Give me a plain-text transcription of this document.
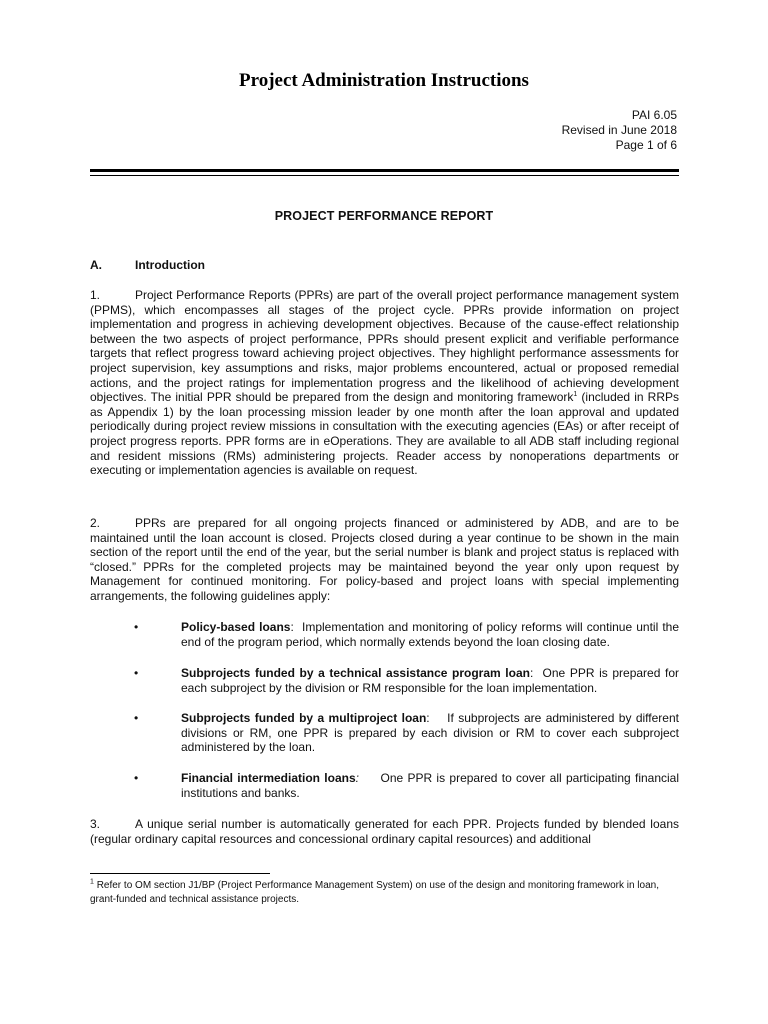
Project Administration Instructions
PAI 6.05
Revised in June 2018
Page 1 of 6
PROJECT PERFORMANCE REPORT
A.	Introduction
1.	Project Performance Reports (PPRs) are part of the overall project performance management system (PPMS), which encompasses all stages of the project cycle. PPRs provide information on project implementation and progress in achieving development objectives. Because of the cause-effect relationship between the two aspects of project performance, PPRs should present explicit and verifiable performance targets that reflect progress toward achieving project objectives. They highlight performance assessments for project supervision, key assumptions and risks, major problems encountered, actual or proposed remedial actions, and the project ratings for implementation progress and the likelihood of achieving development objectives. The initial PPR should be prepared from the design and monitoring framework$^1$ (included in RRPs as Appendix 1) by the loan processing mission leader by one month after the loan approval and updated periodically during project review missions in consultation with the executing agencies (EAs) or after receipt of project progress reports. PPR forms are in eOperations. They are available to all ADB staff including regional and resident missions (RMs) administering projects. Reader access by nonoperations departments or executing or implementation agencies is available on request.
2.	PPRs are prepared for all ongoing projects financed or administered by ADB, and are to be maintained until the loan account is closed. Projects closed during a year continue to be shown in the main section of the report until the end of the year, but the serial number is blank and project status is replaced with “closed.” PPRs for the completed projects may be maintained beyond the year only upon request by Management for continued monitoring. For policy-based and project loans with special implementing arrangements, the following guidelines apply:
•	Policy-based loans: Implementation and monitoring of policy reforms will continue until the end of the program period, which normally extends beyond the loan closing date.
•	Subprojects funded by a technical assistance program loan: One PPR is prepared for each subproject by the division or RM responsible for the loan implementation.
•	Subprojects funded by a multiproject loan: If subprojects are administered by different divisions or RM, one PPR is prepared by each division or RM to cover each subproject administered by the loan.
•	Financial intermediation loans: One PPR is prepared to cover all participating financial institutions and banks.
3.	A unique serial number is automatically generated for each PPR. Projects funded by blended loans (regular ordinary capital resources and concessional ordinary capital resources) and additional
$^1$ Refer to OM section J1/BP (Project Performance Management System) on use of the design and monitoring framework in loan, grant-funded and technical assistance projects.
